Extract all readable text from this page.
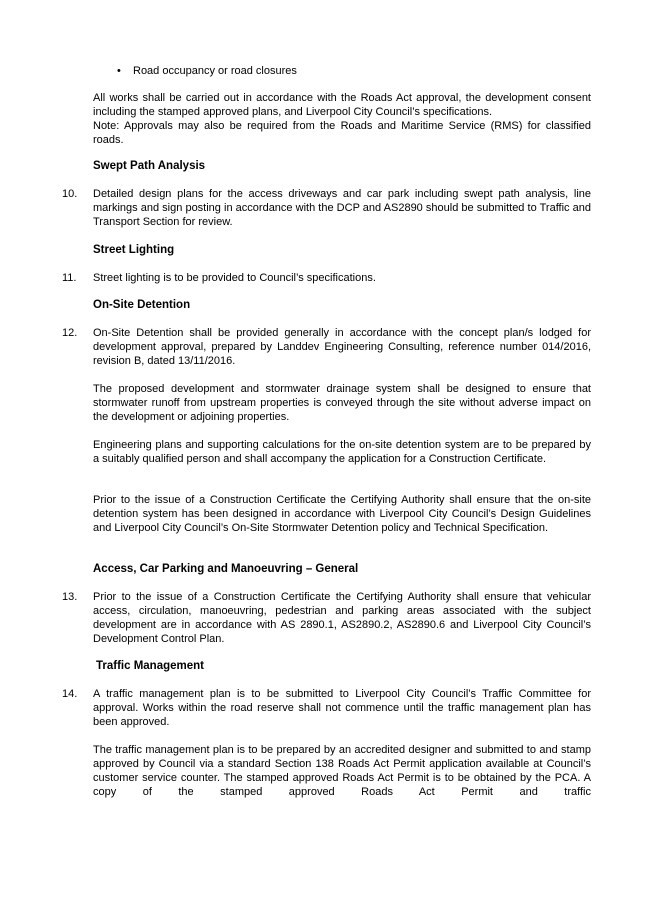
• Road occupancy or road closures
All works shall be carried out in accordance with the Roads Act approval, the development consent including the stamped approved plans, and Liverpool City Council’s specifications.
Note: Approvals may also be required from the Roads and Maritime Service (RMS) for classified roads.
Swept Path Analysis
10. Detailed design plans for the access driveways and car park including swept path analysis, line markings and sign posting in accordance with the DCP and AS2890 should be submitted to Traffic and Transport Section for review.
Street Lighting
11. Street lighting is to be provided to Council’s specifications.
On-Site Detention
12. On-Site Detention shall be provided generally in accordance with the concept plan/s lodged for development approval, prepared by Landdev Engineering Consulting, reference number 014/2016, revision B, dated 13/11/2016.
The proposed development and stormwater drainage system shall be designed to ensure that stormwater runoff from upstream properties is conveyed through the site without adverse impact on the development or adjoining properties.
Engineering plans and supporting calculations for the on-site detention system are to be prepared by a suitably qualified person and shall accompany the application for a Construction Certificate.
Prior to the issue of a Construction Certificate the Certifying Authority shall ensure that the on-site detention system has been designed in accordance with Liverpool City Council’s Design Guidelines and Liverpool City Council’s On-Site Stormwater Detention policy and Technical Specification.
Access, Car Parking and Manoeuvring – General
13. Prior to the issue of a Construction Certificate the Certifying Authority shall ensure that vehicular access, circulation, manoeuvring, pedestrian and parking areas associated with the subject development are in accordance with AS 2890.1, AS2890.2, AS2890.6 and Liverpool City Council’s Development Control Plan.
Traffic Management
14. A traffic management plan is to be submitted to Liverpool City Council’s Traffic Committee for approval. Works within the road reserve shall not commence until the traffic management plan has been approved.
The traffic management plan is to be prepared by an accredited designer and submitted to and stamp approved by Council via a standard Section 138 Roads Act Permit application available at Council’s customer service counter. The stamped approved Roads Act Permit is to be obtained by the PCA. A copy of the stamped approved Roads Act Permit and traffic
